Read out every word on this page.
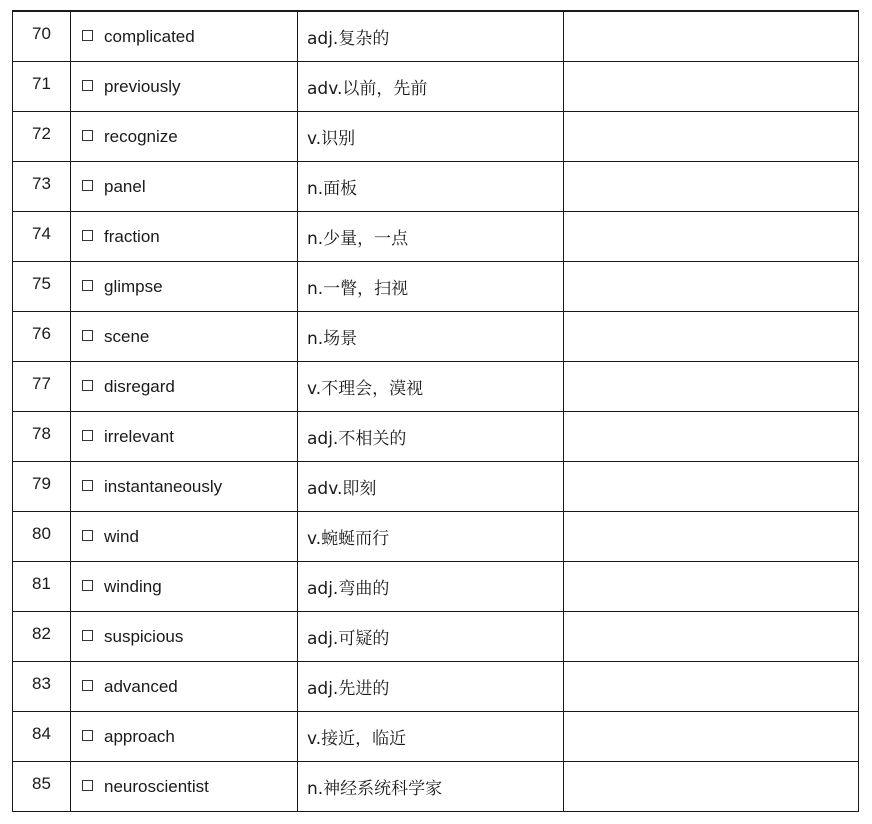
70	complicated	adj.复杂的	
71	previously	adv.以前，先前	
72	recognize	v.识别	
73	panel	n.面板	
74	fraction	n.少量，一点	
75	glimpse	n.一瞥，扫视	
76	scene	n.场景	
77	disregard	v.不理会，漠视	
78	irrelevant	adj.不相关的	
79	instantaneously	adv.即刻	
80	wind	v.蜿蜒而行	
81	winding	adj.弯曲的	
82	suspicious	adj.可疑的	
83	advanced	adj.先进的	
84	approach	v.接近，临近	
85	neuroscientist	n.神经系统科学家	
